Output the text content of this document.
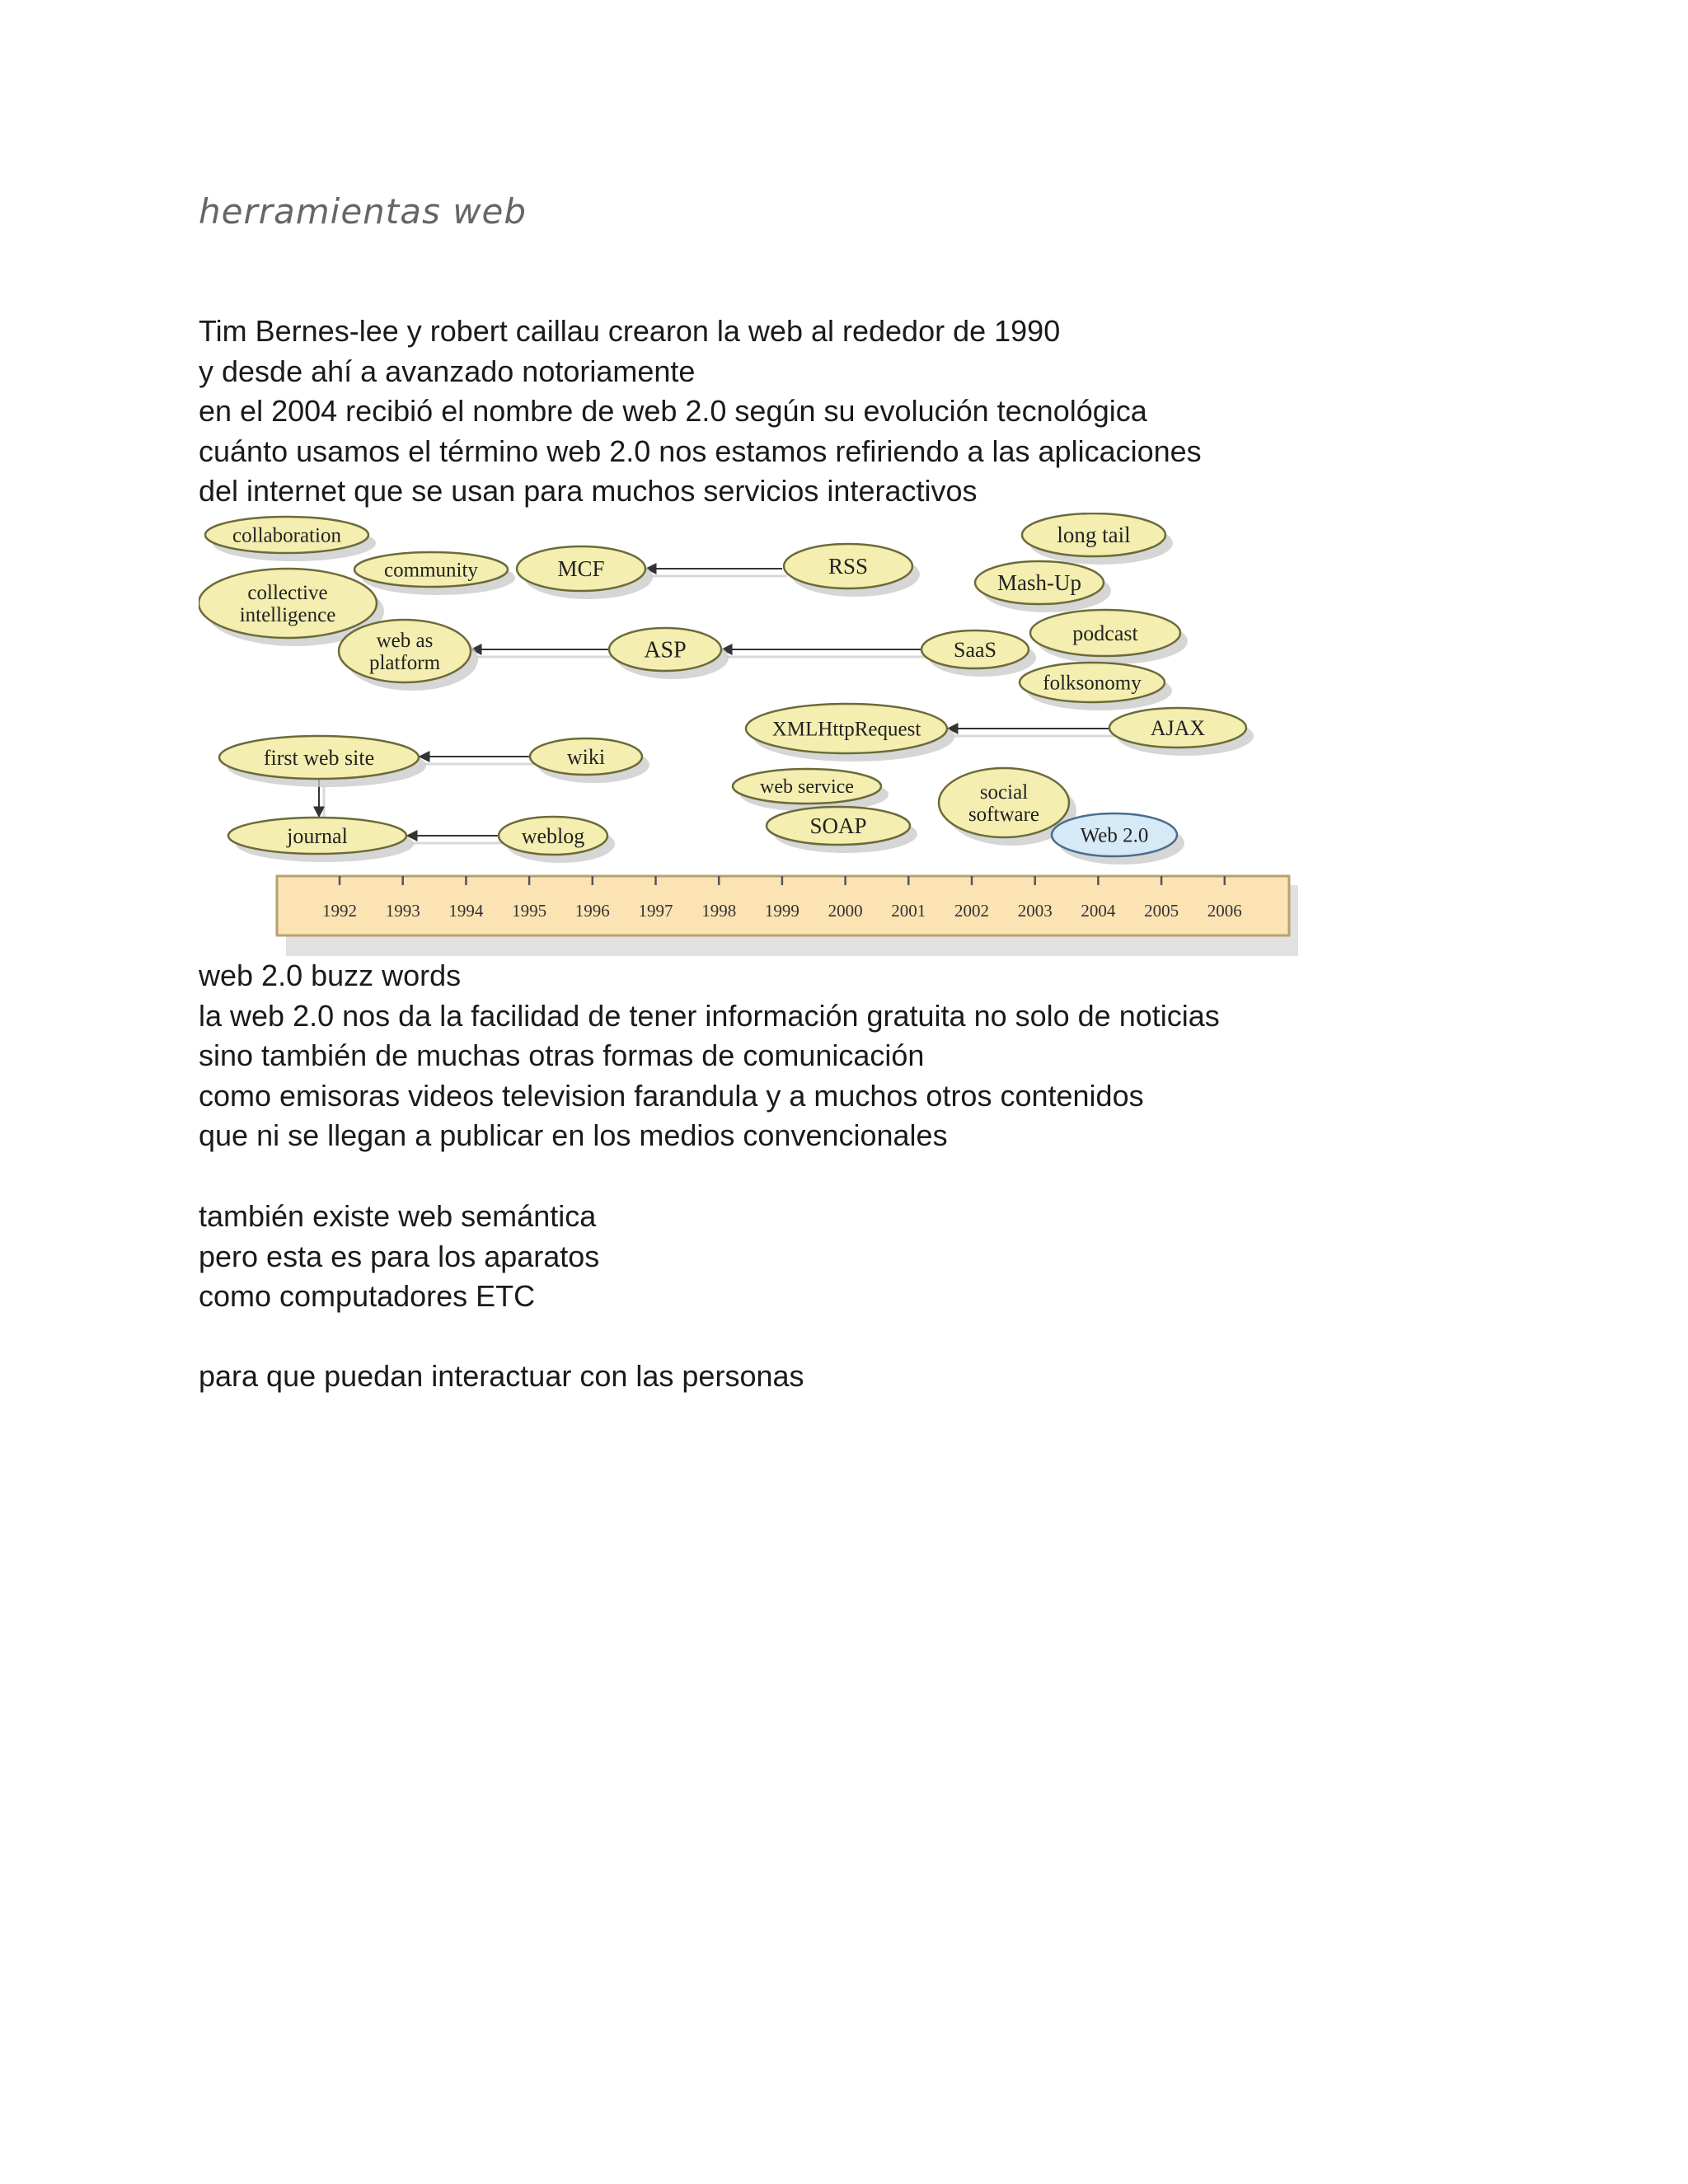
herramientas web
Tim Bernes-lee y robert caillau crearon la web al rededor de 1990
y desde ahí a avanzado notoriamente
en el 2004 recibió el nombre de web 2.0 según su evolución tecnológica
cuánto usamos el término web 2.0 nos estamos refiriendo a las aplicaciones
del internet que se usan para muchos servicios interactivos
1992 1993 1994 1995 1996 1997 1998 1999 2000 2001 2002 2003 2004 2005 2006
collaboration
community	MCF	RSS
long tail
Mash-Up
collective
intelligence
web as
platform	ASP	SaaS
podcast
folksonomy
XMLHttpRequest	AJAX
first web site	wiki
web service	social
software
journal	weblog	SOAP	Web 2.0
web 2.0 buzz words
la web 2.0 nos da la facilidad de tener información gratuita no solo de noticias
sino también de muchas otras formas de comunicación
como emisoras videos television farandula y a muchos otros contenidos
que ni se llegan a publicar en los medios convencionales
también existe web semántica
pero esta es para los aparatos
como computadores ETC
para que puedan interactuar con las personas
